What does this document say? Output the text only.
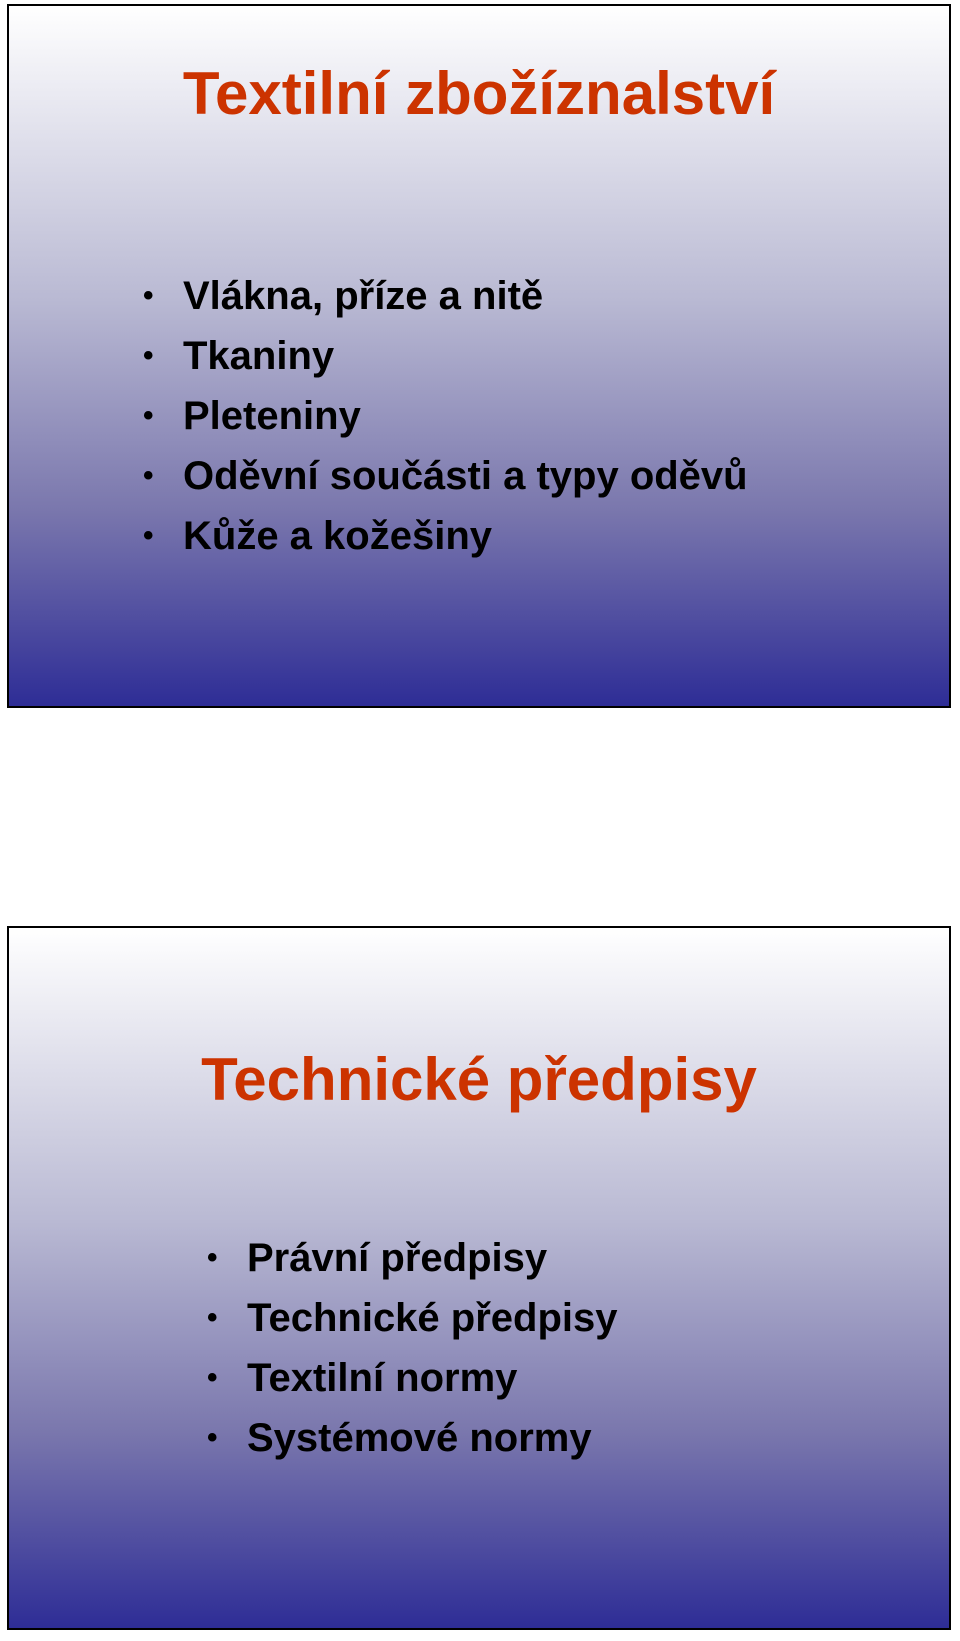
Textilní zbožíznalství
• Vlákna, příze a nitě
• Tkaniny
• Pleteniny
• Oděvní součásti a typy oděvů
• Kůže a kožešiny
Technické předpisy
• Právní předpisy
• Technické předpisy
• Textilní normy
• Systémové normy
